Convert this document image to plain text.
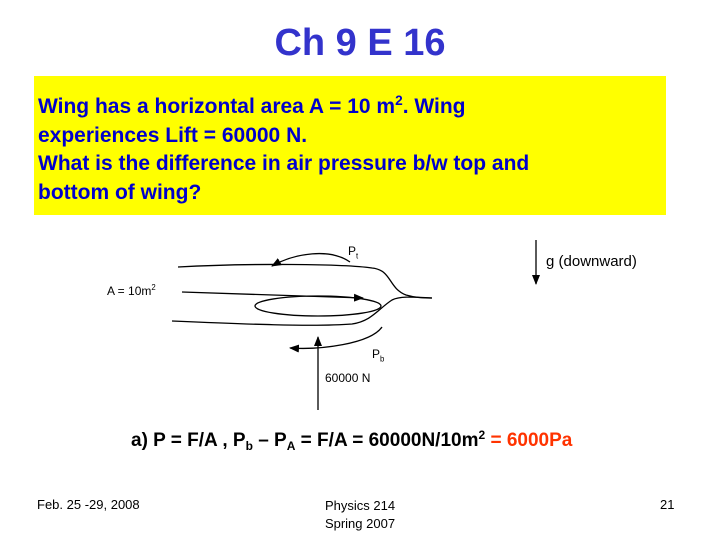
Ch 9 E 16

Wing has a horizontal area A = 10 $m^2$. Wing

experiences Lift = 60000 N.

What is the difference in air pressure b/w top and

bottom of wing?

$A = 10m^2$
$P_t$	g (downward)
$P_b$
60000 N
a) P = F/A , $P_b - P_A = F/A = 60000N/10m^2 = 6000Pa$
Feb. 25 -29, 2008	Physics 214
Spring 2007
21
